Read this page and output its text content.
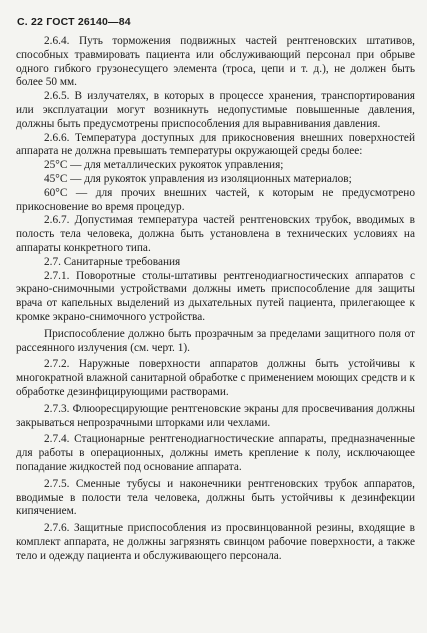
С. 22 ГОСТ 26140—84

2.6.4. Путь торможения подвижных частей рентгеновских штативов, способных травмировать пациента или обслуживающий персонал при обрыве одного гибкого грузонесущего элемента (троса, цепи и т. д.), не должен быть более 50 мм.

2.6.5. В излучателях, в которых в процессе хранения, транспортирования или эксплуатации могут возникнуть недопустимые повышенные давления, должны быть предусмотрены приспособления для выравнивания давления.

2.6.6. Температура доступных для прикосновения внешних поверхностей аппарата не должна превышать температуры окружающей среды более:

25°С — для металлических рукояток управления;

45°С — для рукояток управления из изоляционных материалов;

60°С — для прочих внешних частей, к которым не предусмотрено прикосновение во время процедур.

2.6.7. Допустимая температура частей рентгеновских трубок, вводимых в полость тела человека, должна быть установлена в технических условиях на аппараты конкретного типа.

2.7. Санитарные требования

2.7.1. Поворотные столы-штативы рентгенодиагностических аппаратов с экрано-снимочными устройствами должны иметь приспособление для защиты врача от капельных выделений из дыхательных путей пациента, прилегающее к кромке экрано-снимочного устройства.

Приспособление должно быть прозрачным за пределами защитного поля от рассеянного излучения (см. черт. 1).

2.7.2. Наружные поверхности аппаратов должны быть устойчивы к многократной влажной санитарной обработке с применением моющих средств и к обработке дезинфицирующими растворами.

2.7.3. Флюоресцирующие рентгеновские экраны для просвечивания должны закрываться непрозрачными шторками или чехлами.

2.7.4. Стационарные рентгенодиагностические аппараты, предназначенные для работы в операционных, должны иметь крепление к полу, исключающее попадание жидкостей под основание аппарата.

2.7.5. Сменные тубусы и наконечники рентгеновских трубок аппаратов, вводимые в полости тела человека, должны быть устойчивы к дезинфекции кипячением.

2.7.6. Защитные приспособления из просвинцованной резины, входящие в комплект аппарата, не должны загрязнять свинцом рабочие поверхности, а также тело и одежду пациента и обслуживающего персонала.
